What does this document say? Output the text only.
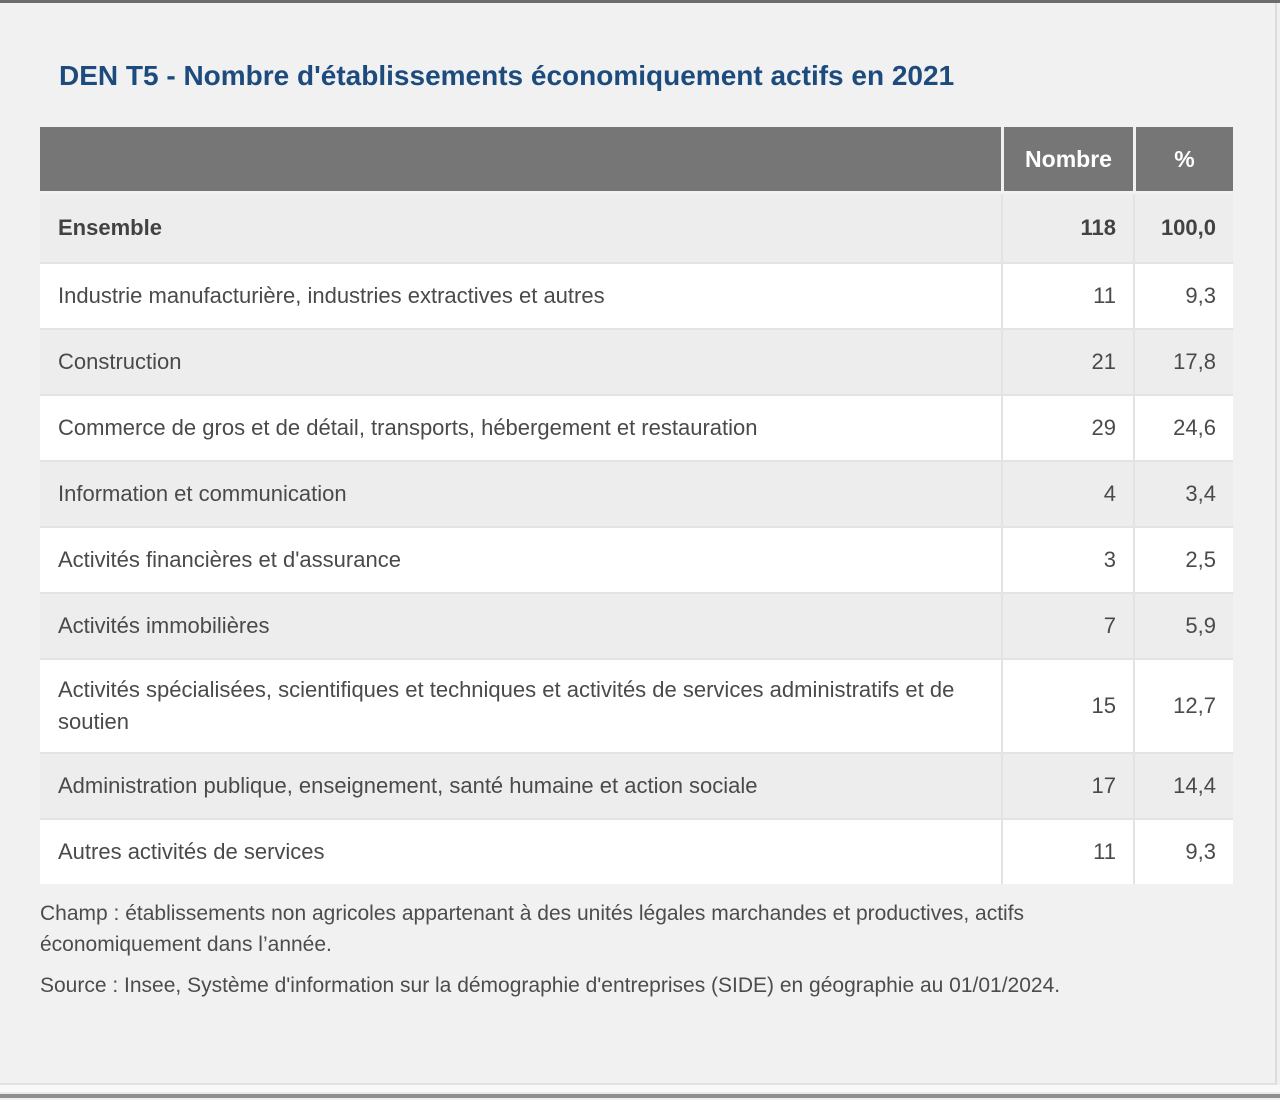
DEN T5 - Nombre d'établissements économiquement actifs en 2021
	Nombre	%
Ensemble	118	100,0
Industrie manufacturière, industries extractives et autres	11	9,3
Construction	21	17,8
Commerce de gros et de détail, transports, hébergement et restauration	29	24,6
Information et communication	4	3,4
Activités financières et d'assurance	3	2,5
Activités immobilières	7	5,9
Activités spécialisées, scientifiques et techniques et activités de services administratifs et de soutien	15	12,7
Administration publique, enseignement, santé humaine et action sociale	17	14,4
Autres activités de services	11	9,3

Champ : établissements non agricoles appartenant à des unités légales marchandes et productives, actifs économiquement dans l’année.

Source : Insee, Système d'information sur la démographie d'entreprises (SIDE) en géographie au 01/01/2024.
